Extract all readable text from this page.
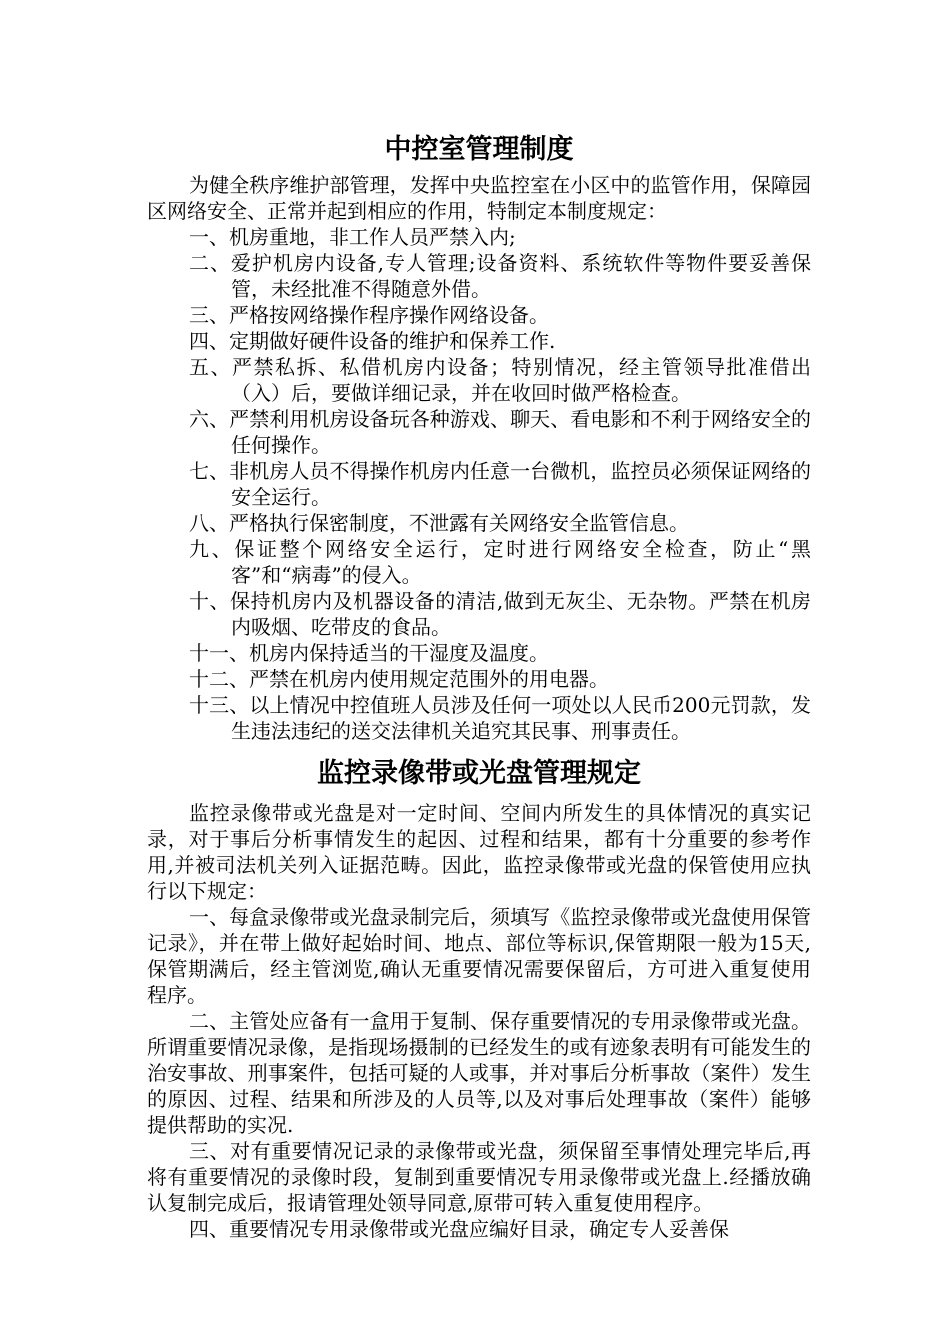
中控室管理制度

为健全秩序维护部管理，发挥中央监控室在小区中的监管作用，保障园区网络安全、正常并起到相应的作用，特制定本制度规定：

一、机房重地，非工作人员严禁入内;

二、爱护机房内设备,专人管理;设备资料、系统软件等物件要妥善保管，未经批准不得随意外借。

三、严格按网络操作程序操作网络设备。

四、定期做好硬件设备的维护和保养工作.

五、严禁私拆、私借机房内设备；特别情况，经主管领导批准借出（入）后，要做详细记录，并在收回时做严格检查。

六、严禁利用机房设备玩各种游戏、聊天、看电影和不利于网络安全的任何操作。

七、非机房人员不得操作机房内任意一台微机，监控员必须保证网络的安全运行。

八、严格执行保密制度，不泄露有关网络安全监管信息。

九、保证整个网络安全运行，定时进行网络安全检查，防止“黑客”和“病毒”的侵入。

十、保持机房内及机器设备的清洁,做到无灰尘、无杂物。严禁在机房内吸烟、吃带皮的食品。

十一、机房内保持适当的干湿度及温度。

十二、严禁在机房内使用规定范围外的用电器。

十三、以上情况中控值班人员涉及任何一项处以人民币200元罚款，发生违法违纪的送交法律机关追究其民事、刑事责任。

监控录像带或光盘管理规定

监控录像带或光盘是对一定时间、空间内所发生的具体情况的真实记录，对于事后分析事情发生的起因、过程和结果，都有十分重要的参考作用,并被司法机关列入证据范畴。因此，监控录像带或光盘的保管使用应执行以下规定：

一、每盒录像带或光盘录制完后，须填写《监控录像带或光盘使用保管记录》，并在带上做好起始时间、地点、部位等标识,保管期限一般为15天,保管期满后，经主管浏览,确认无重要情况需要保留后，方可进入重复使用程序。

二、主管处应备有一盒用于复制、保存重要情况的专用录像带或光盘。所谓重要情况录像，是指现场摄制的已经发生的或有迹象表明有可能发生的治安事故、刑事案件，包括可疑的人或事，并对事后分析事故（案件）发生的原因、过程、结果和所涉及的人员等,以及对事后处理事故（案件）能够提供帮助的实况.

三、对有重要情况记录的录像带或光盘，须保留至事情处理完毕后,再将有重要情况的录像时段，复制到重要情况专用录像带或光盘上.经播放确认复制完成后，报请管理处领导同意,原带可转入重复使用程序。

四、重要情况专用录像带或光盘应编好目录，确定专人妥善保
